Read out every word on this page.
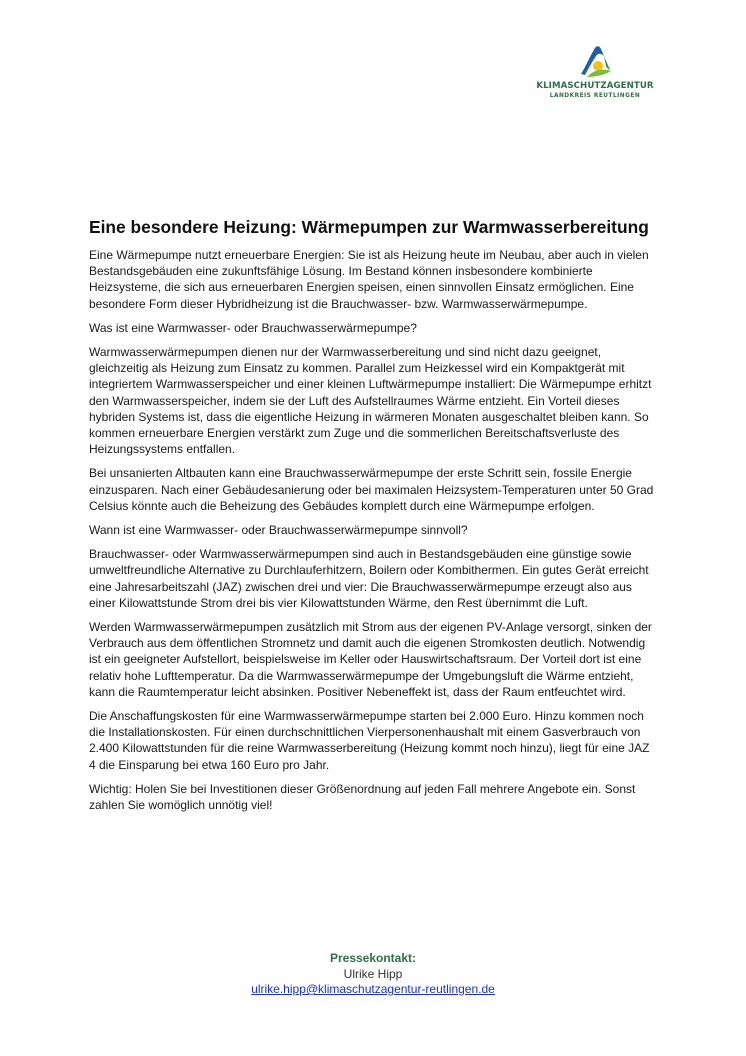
KLIMASCHUTZAGENTUR
LANDKREIS REUTLINGEN
Eine besondere Heizung: Wärmepumpen zur Warmwasserbereitung

Eine Wärmepumpe nutzt erneuerbare Energien: Sie ist als Heizung heute im Neubau, aber auch in vielen Bestandsgebäuden eine zukunftsfähige Lösung. Im Bestand können insbesondere kombinierte Heizsysteme, die sich aus erneuerbaren Energien speisen, einen sinnvollen Einsatz ermöglichen. Eine besondere Form dieser Hybridheizung ist die Brauchwasser- bzw. Warmwasserwärmepumpe.

Was ist eine Warmwasser- oder Brauchwasserwärmepumpe?

Warmwasserwärmepumpen dienen nur der Warmwasserbereitung und sind nicht dazu geeignet, gleichzeitig als Heizung zum Einsatz zu kommen. Parallel zum Heizkessel wird ein Kompaktgerät mit integriertem Warmwasserspeicher und einer kleinen Luftwärmepumpe installiert: Die Wärmepumpe erhitzt den Warmwasserspeicher, indem sie der Luft des Aufstellraumes Wärme entzieht. Ein Vorteil dieses hybriden Systems ist, dass die eigentliche Heizung in wärmeren Monaten ausgeschaltet bleiben kann. So kommen erneuerbare Energien verstärkt zum Zuge und die sommerlichen Bereitschaftsverluste des Heizungssystems entfallen.

Bei unsanierten Altbauten kann eine Brauchwasserwärmepumpe der erste Schritt sein, fossile Energie einzusparen. Nach einer Gebäudesanierung oder bei maximalen Heizsystem-Temperaturen unter 50 Grad Celsius könnte auch die Beheizung des Gebäudes komplett durch eine Wärmepumpe erfolgen.

Wann ist eine Warmwasser- oder Brauchwasserwärmepumpe sinnvoll?

Brauchwasser- oder Warmwasserwärmepumpen sind auch in Bestandsgebäuden eine günstige sowie umweltfreundliche Alternative zu Durchlauferhitzern, Boilern oder Kombithermen. Ein gutes Gerät erreicht eine Jahresarbeitszahl (JAZ) zwischen drei und vier: Die Brauchwasserwärmepumpe erzeugt also aus einer Kilowattstunde Strom drei bis vier Kilowattstunden Wärme, den Rest übernimmt die Luft.

Werden Warmwasserwärmepumpen zusätzlich mit Strom aus der eigenen PV-Anlage versorgt, sinken der Verbrauch aus dem öffentlichen Stromnetz und damit auch die eigenen Stromkosten deutlich. Notwendig ist ein geeigneter Aufstellort, beispielsweise im Keller oder Hauswirtschaftsraum. Der Vorteil dort ist eine relativ hohe Lufttemperatur. Da die Warmwasserwärmepumpe der Umgebungsluft die Wärme entzieht, kann die Raumtemperatur leicht absinken. Positiver Nebeneffekt ist, dass der Raum entfeuchtet wird.

Die Anschaffungskosten für eine Warmwasserwärmepumpe starten bei 2.000 Euro. Hinzu kommen noch die Installationskosten. Für einen durchschnittlichen Vierpersonenhaushalt mit einem Gasverbrauch von 2.400 Kilowattstunden für die reine Warmwasserbereitung (Heizung kommt noch hinzu), liegt für eine JAZ 4 die Einsparung bei etwa 160 Euro pro Jahr.

Wichtig: Holen Sie bei Investitionen dieser Größenordnung auf jeden Fall mehrere Angebote ein. Sonst zahlen Sie womöglich unnötig viel!

Pressekontakt:
Ulrike Hipp
ulrike.hipp@klimaschutzagentur-reutlingen.de
